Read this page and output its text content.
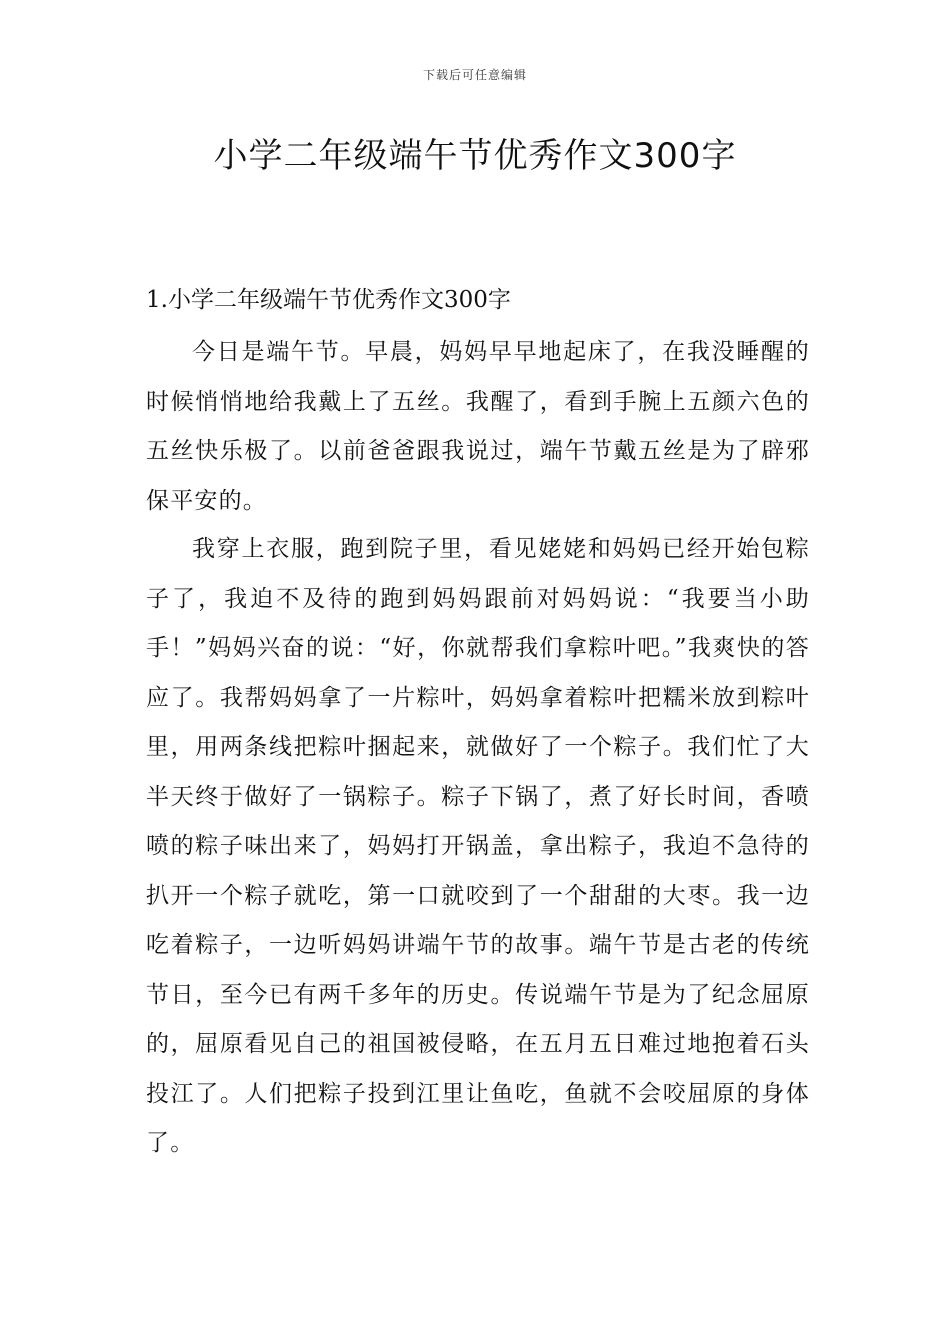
下载后可任意编辑
小学二年级端午节优秀作文300字
1.小学二年级端午节优秀作文300字

今日是端午节。早晨，妈妈早早地起床了，在我没睡醒的时候悄悄地给我戴上了五丝。我醒了，看到手腕上五颜六色的五丝快乐极了。以前爸爸跟我说过，端午节戴五丝是为了辟邪保平安的。

我穿上衣服，跑到院子里，看见姥姥和妈妈已经开始包粽子了，我迫不及待的跑到妈妈跟前对妈妈说：“我要当小助手！”妈妈兴奋的说：“好，你就帮我们拿粽叶吧。”我爽快的答应了。我帮妈妈拿了一片粽叶，妈妈拿着粽叶把糯米放到粽叶里，用两条线把粽叶捆起来，就做好了一个粽子。我们忙了大半天终于做好了一锅粽子。粽子下锅了，煮了好长时间，香喷喷的粽子味出来了，妈妈打开锅盖，拿出粽子，我迫不急待的扒开一个粽子就吃，第一口就咬到了一个甜甜的大枣。我一边吃着粽子，一边听妈妈讲端午节的故事。端午节是古老的传统节日，至今已有两千多年的历史。传说端午节是为了纪念屈原的，屈原看见自己的祖国被侵略，在五月五日难过地抱着石头投江了。人们把粽子投到江里让鱼吃，鱼就不会咬屈原的身体了。
